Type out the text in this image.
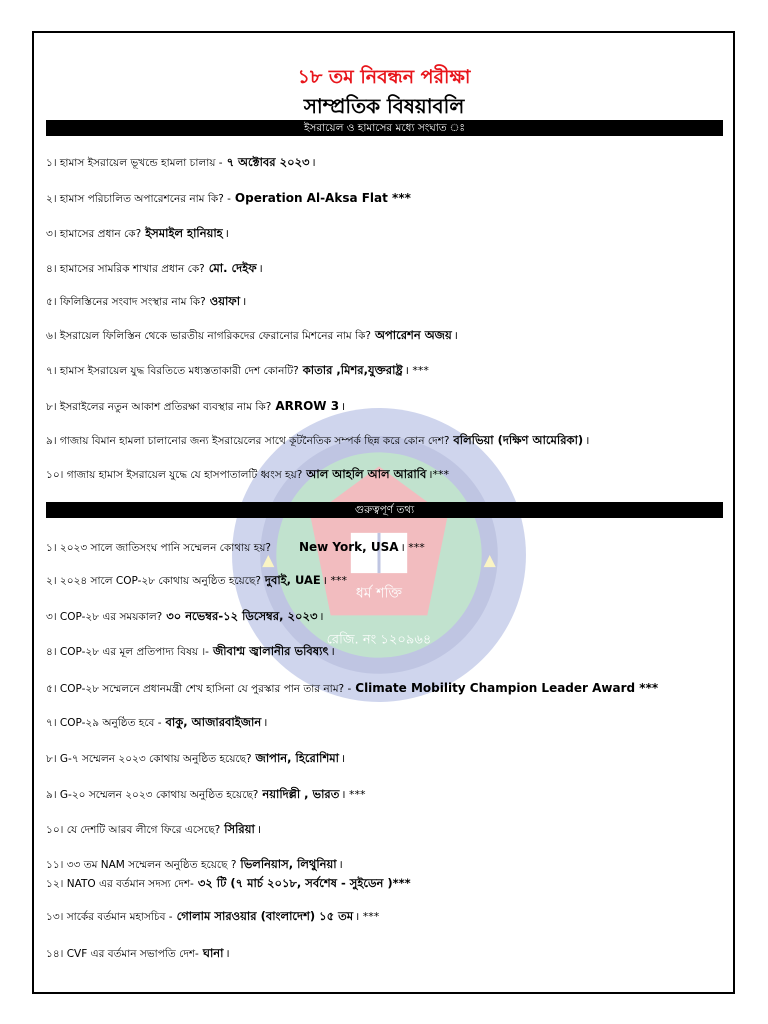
ধর্ম শক্তি
রেজি. নং ১২০৯৬৪
১৮ তম নিবন্ধন পরীক্ষা
সাম্প্রতিক বিষয়াবলি
ইসরায়েল ও হামাসের মধ্যে সংঘাত ঃ
১। হামাস ইসরায়েল ভূখন্ডে হামলা চালায় - ৭ অক্টোবর ২০২৩ ।
২। হামাস পরিচালিত অপারেশনের নাম কি? - Operation Al-Aksa Flat ***
৩। হামাসের প্রধান কে? ইসমাইল হানিয়াহ ।
৪। হামাসের সামরিক শাখার প্রধান কে? মো. দেইফ ।
৫। ফিলিস্তিনের সংবাদ সংস্থার নাম কি? ওয়াফা ।
৬। ইসরায়েল ফিলিস্তিন থেকে ভারতীয় নাগরিকদের ফেরানোর মিশনের নাম কি? অপারেশন অজয় ।
৭। হামাস ইসরায়েল যুদ্ধ বিরতিতে মধ্যস্ততাকারী দেশ কোনটি? কাতার ,মিশর,যুক্তরাষ্ট্র । ***
৮। ইসরাইলের নতুন আকাশ প্রতিরক্ষা ব্যবস্থার নাম কি? ARROW 3 ।
৯। গাজায় বিমান হামলা চালানোর জন্য ইসরায়েলের সাথে কূটনৈতিক সম্পর্ক ছিন্ন করে কোন দেশ? বলিভিয়া (দক্ষিণ আমেরিকা) ।
১০। গাজায় হামাস ইসরায়েল যুদ্ধে যে হাসপাতালটি ধ্বংস হয়? আল আহলি আল আরাবি ।***
গুরুত্বপূর্ণ তথ্য
১। ২০২৩ সালে জাতিসংঘ পানি সম্মেলন কোথায় হয়? New York, USA । ***
২। ২০২৪ সালে COP-২৮ কোথায় অনুষ্ঠিত হয়েছে? দুবাই, UAE । ***
৩। COP-২৮ এর সময়কাল? ৩০ নভেম্বর-১২ ডিসেম্বর, ২০২৩ ।
৪। COP-২৮ এর মূল প্রতিপাদ্য বিষয় ।- জীবাশ্ম জ্বালানীর ভবিষ্যৎ ।
৫। COP-২৮ সম্মেলনে প্রধানমন্ত্রী শেখ হাসিনা যে পুরস্কার পান তার নাম? - Climate Mobility Champion Leader Award ***
৭। COP-২৯ অনুষ্ঠিত হবে - বাকু, আজারবাইজান ।
৮। G-৭ সম্মেলন ২০২৩ কোথায় অনুষ্ঠিত হয়েছে? জাপান, হিরোশিমা ।
৯। G-২০ সম্মেলন ২০২৩ কোথায় অনুষ্ঠিত হয়েছে? নয়াদিল্লী , ভারত । ***
১০। যে দেশটি আরব লীগে ফিরে এসেছে? সিরিয়া ।
১১। ৩৩ তম NAM সম্মেলন অনুষ্ঠিত হয়েছে ? ভিলনিয়াস, লিথুনিয়া ।
১২। NATO এর বর্তমান সদস্য দেশ- ৩২ টি (৭ মার্চ ২০১৮, সর্বশেষ - সুইডেন )***
১৩। সার্কের বর্তমান মহাসচিব - গোলাম সারওয়ার (বাংলাদেশ) ১৫ তম । ***
১৪। CVF এর বর্তমান সভাপতি দেশ- ঘানা ।
